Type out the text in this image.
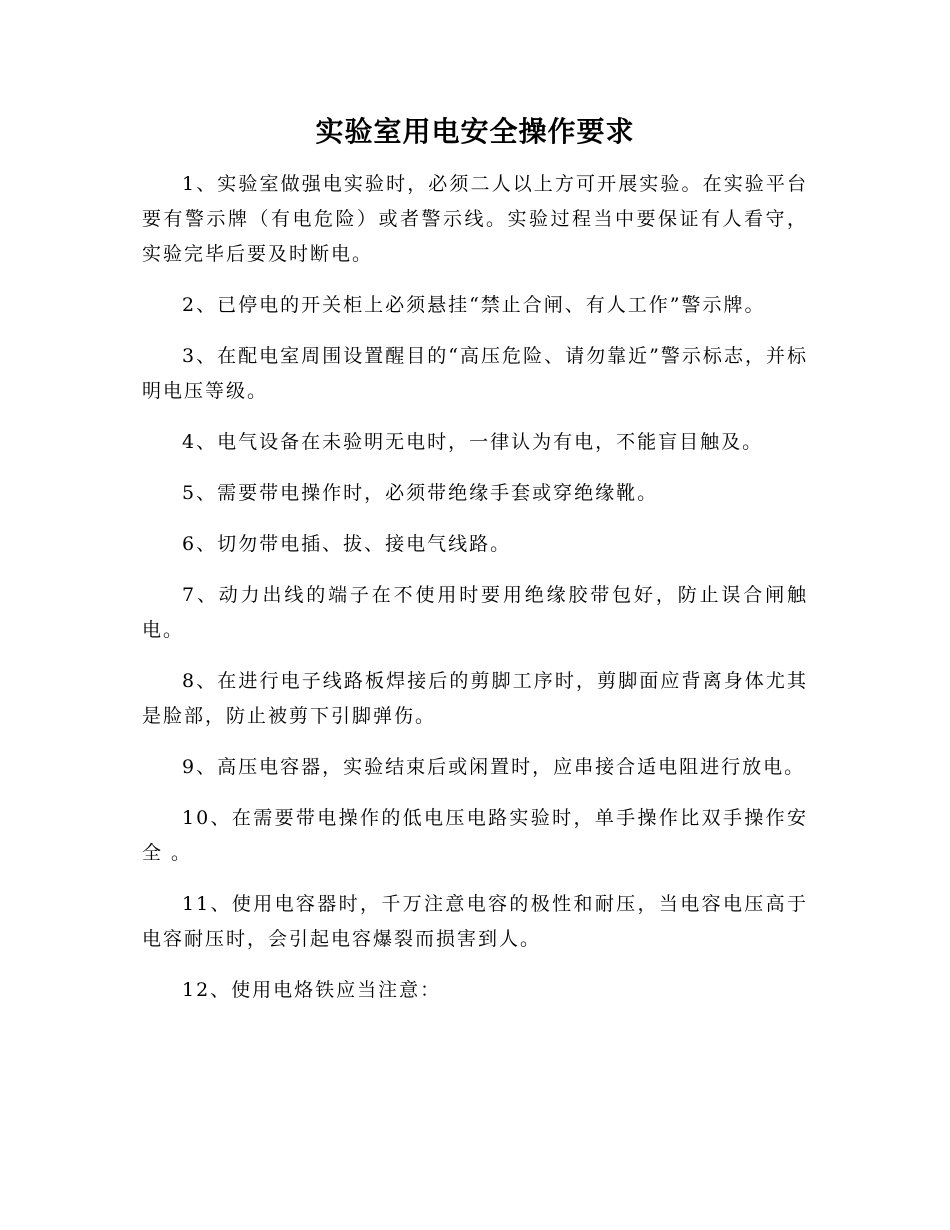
实验室用电安全操作要求

1、实验室做强电实验时，必须二人以上方可开展实验。在实验平台要有警示牌（有电危险）或者警示线。实验过程当中要保证有人看守，实验完毕后要及时断电。

2、已停电的开关柜上必须悬挂“禁止合闸、有人工作”警示牌。

3、在配电室周围设置醒目的“高压危险、请勿靠近”警示标志，并标明电压等级。

4、电气设备在未验明无电时，一律认为有电，不能盲目触及。

5、需要带电操作时，必须带绝缘手套或穿绝缘靴。

6、切勿带电插、拔、接电气线路。

7、动力出线的端子在不使用时要用绝缘胶带包好，防止误合闸触电。

8、在进行电子线路板焊接后的剪脚工序时，剪脚面应背离身体尤其是脸部，防止被剪下引脚弹伤。

9、高压电容器，实验结束后或闲置时，应串接合适电阻进行放电。

10、在需要带电操作的低电压电路实验时，单手操作比双手操作安全 。

11、使用电容器时，千万注意电容的极性和耐压，当电容电压高于电容耐压时，会引起电容爆裂而损害到人。

12、使用电烙铁应当注意：
